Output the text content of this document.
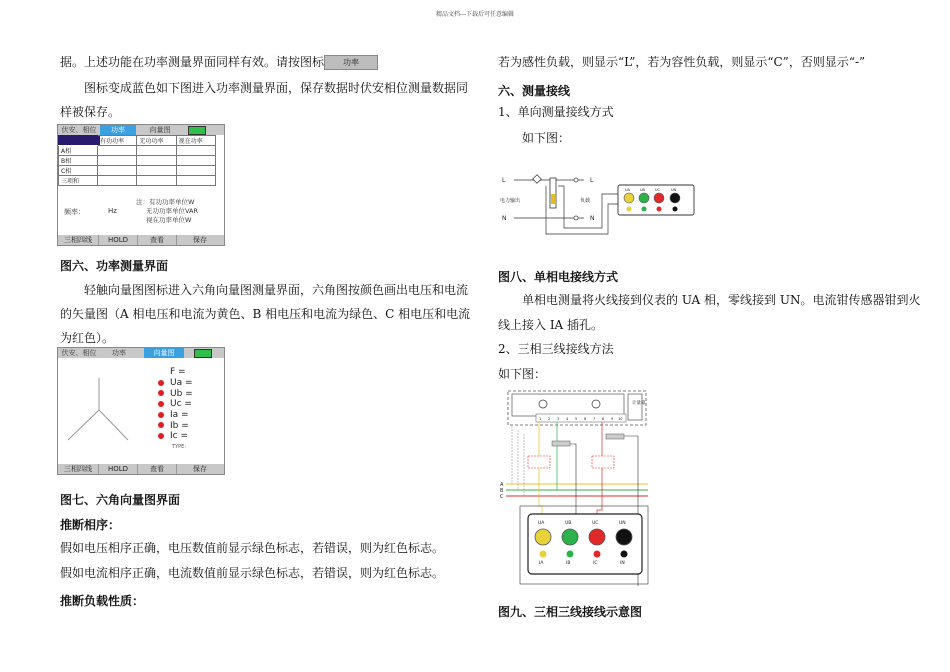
精品文档---下载后可任意编辑

据。上述功能在功率测量界面同样有效。请按图标 功率

图标变成蓝色如下图进入功率测量界面，保存数据时伏安相位测量数据同

样被保存。

伏安、相位	功率	向量图
	有功功率	无功功率	视在功率
A相			
B相			
C相			
三项和			
频率：	Hz
注：有功功率单位W
无功功率单位VAR
视在功率单位W
三相四线	HOLD	查看	保存
图六、功率测量界面

轻触向量图图标进入六角向量图测量界面，六角图按颜色画出电压和电流

的矢量图（A 相电压和电流为黄色、B 相电压和电流为绿色、C 相电压和电流

为红色）。

伏安、相位	功率	向量图
F =
Ua =
Ub =
Uc =
Ia =
Ib =
Ic =
TYPE:
三相四线	HOLD	查看	保存
图七、六角向量图界面
推断相序：

假如电压相序正确，电压数值前显示绿色标志，若错误，则为红色标志。

假如电流相序正确，电流数值前显示绿色标志，若错误，则为红色标志。

推断负载性质：

若为感性负载，则显示“L”，若为容性负载，则显示“C”，否则显示“-”

六、测量接线

1、单向测量接线方式

如下图：

L
N
电力输出	负载
L
N
UA	UB	UC	UN
图八、单相电接线方式

单相电测量将火线接到仪表的 UA 相，零线接到 UN。电流钳传感器钳到火

线上接入 IA 插孔。

2、三相三线接线方法

如下图：

计量箱
1 2 3 4 5 6 7 8 9 10
A
B
C
UA	UB	UC	UN
IA	IB	IC	IN
图九、三相三线接线示意图
